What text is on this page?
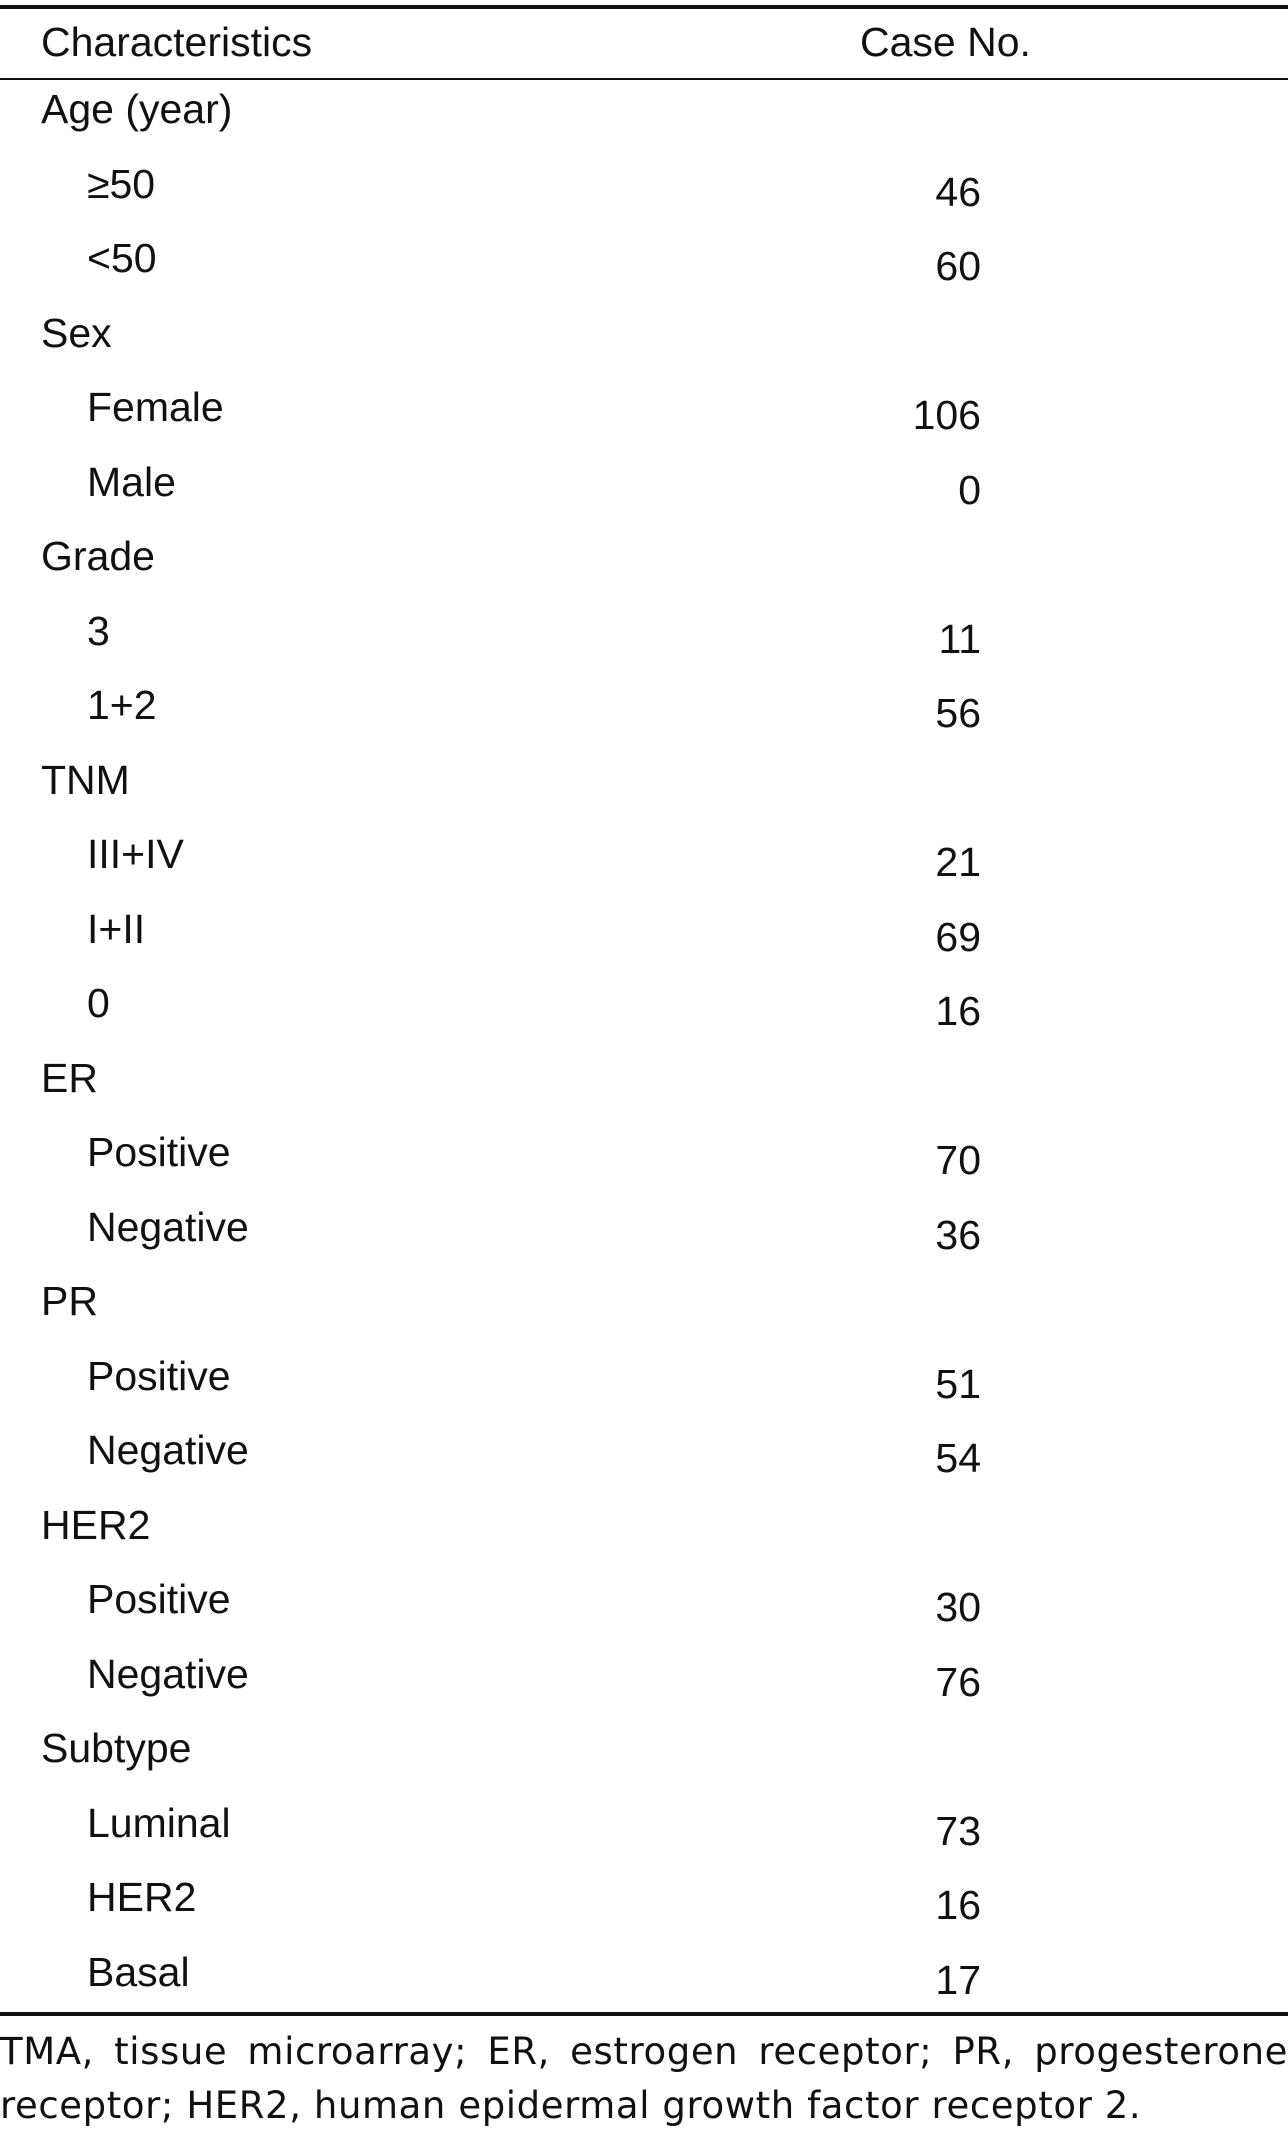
Characteristics	Case No.
Age (year)
≥50	46
<50	60
Sex
Female	106
Male	0
Grade
3	11
1+2	56
TNM
III+IV	21
I+II	69
0	16
ER
Positive	70
Negative	36
PR
Positive	51
Negative	54
HER2
Positive	30
Negative	76
Subtype
Luminal	73
HER2	16
Basal	17
TMA, tissue microarray; ER, estrogen receptor; PR, progesterone receptor; HER2, human epidermal growth factor receptor 2.
